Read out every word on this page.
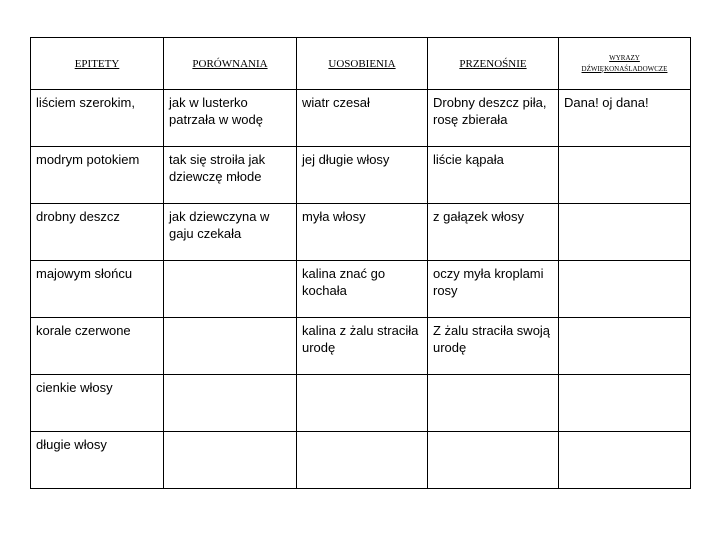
EPITETY	PORÓWNANIA	UOSOBIENIA	PRZENOŚNIE	WYRAZY
DŹWIĘKONAŚLADOWCZE
liściem szerokim,	jak w lusterko patrzała w wodę	wiatr czesał	Drobny deszcz piła, rosę zbierała	Dana! oj dana!
modrym potokiem	tak się stroiła jak dziewczę młode	jej długie włosy	liście kąpała	
drobny deszcz	jak dziewczyna w gaju czekała	myła włosy	z gałązek włosy	
majowym słońcu		kalina znać go kochała	oczy myła kroplami rosy	
korale czerwone		kalina z żalu straciła urodę	Z żalu straciła swoją urodę	
cienkie włosy				
długie włosy				
